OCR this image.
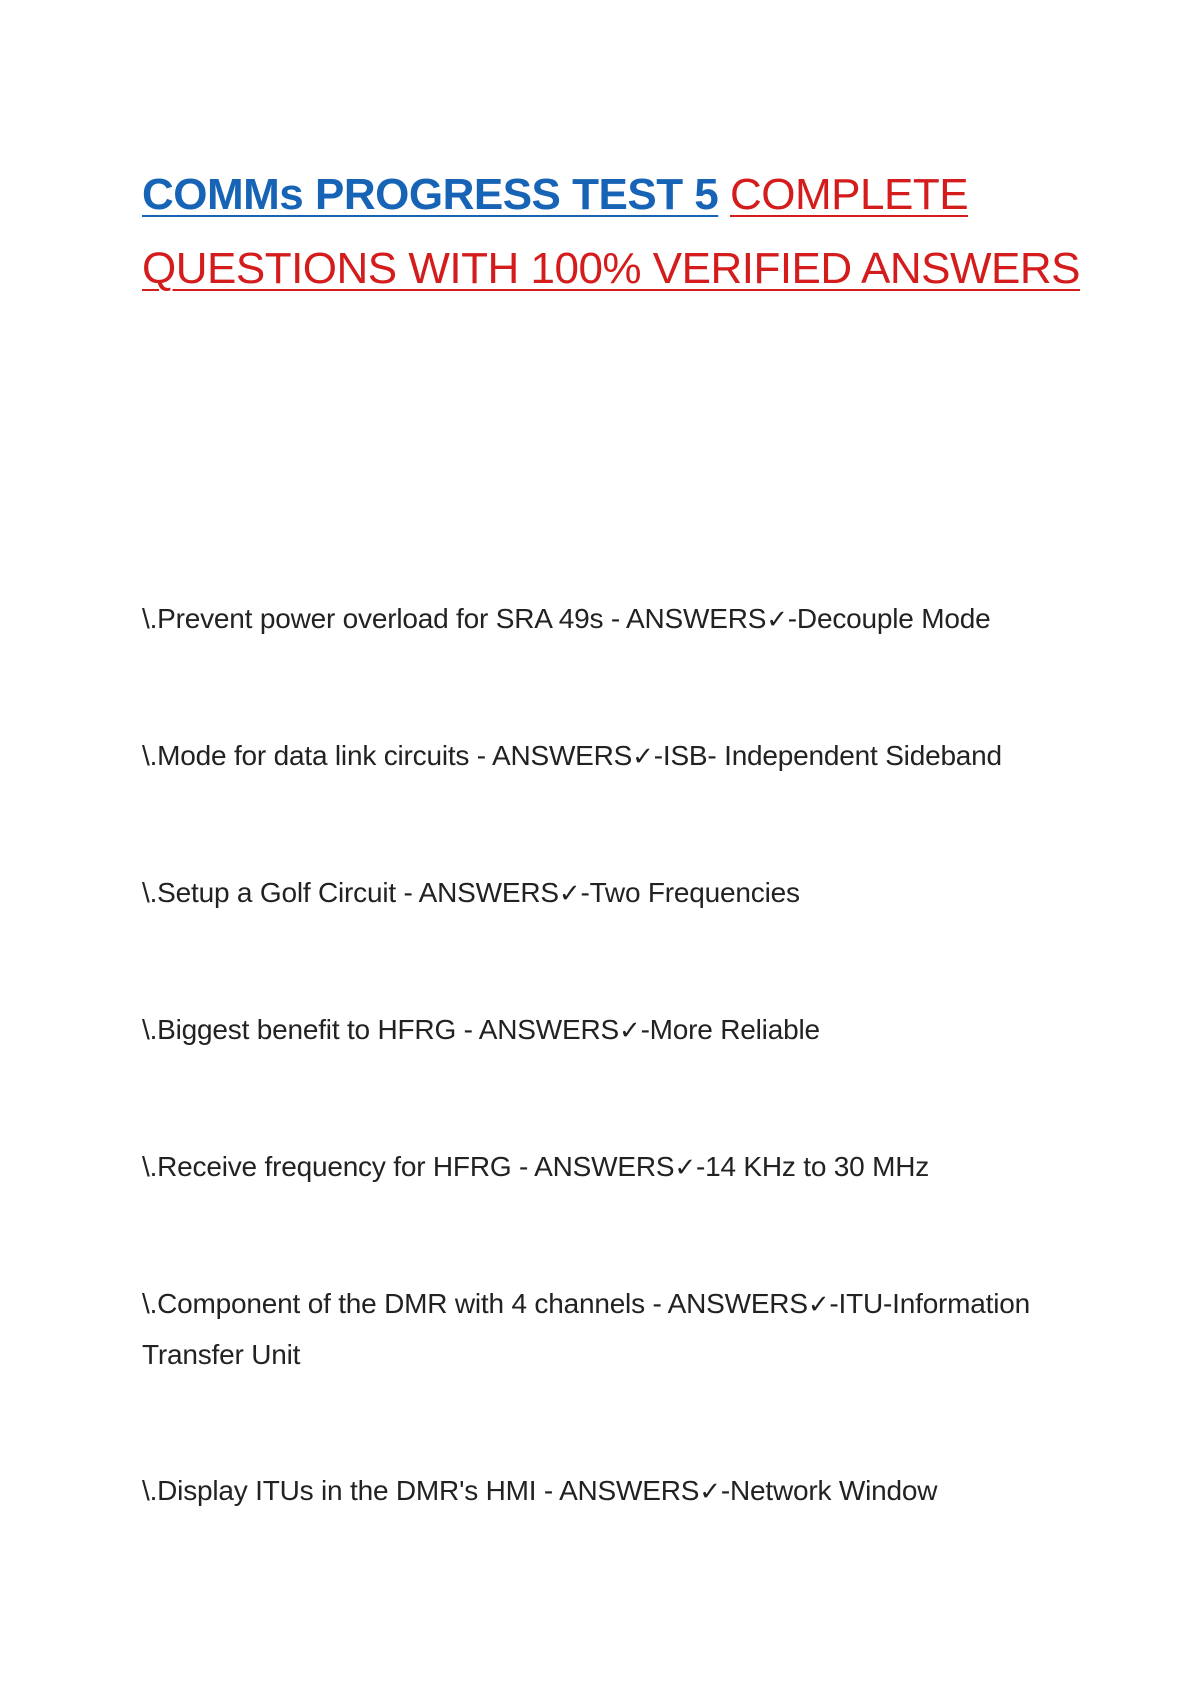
COMMs PROGRESS TEST 5 COMPLETE QUESTIONS WITH 100% VERIFIED ANSWERS
\.Prevent power overload for SRA 49s - ANSWERS✓-Decouple Mode
\.Mode for data link circuits - ANSWERS✓-ISB- Independent Sideband
\.Setup a Golf Circuit - ANSWERS✓-Two Frequencies
\.Biggest benefit to HFRG - ANSWERS✓-More Reliable
\.Receive frequency for HFRG - ANSWERS✓-14 KHz to 30 MHz
\.Component of the DMR with 4 channels - ANSWERS✓-ITU-Information Transfer Unit
\.Display ITUs in the DMR's HMI - ANSWERS✓-Network Window
